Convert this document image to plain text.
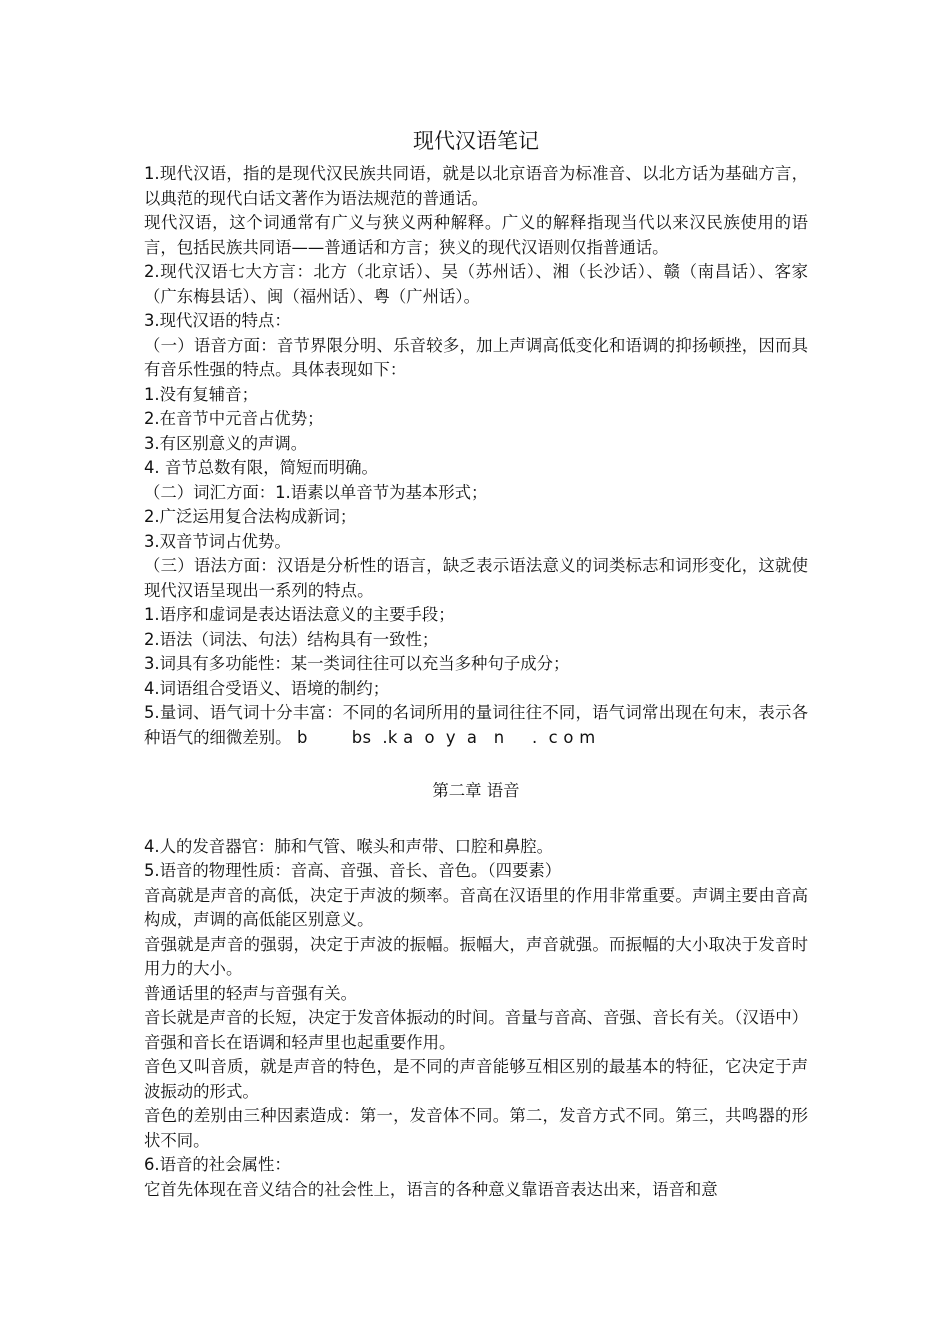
现代汉语笔记

1.现代汉语，指的是现代汉民族共同语，就是以北京语音为标准音、以北方话为基础方言，以典范的现代白话文著作为语法规范的普通话。

现代汉语，这个词通常有广义与狭义两种解释。广义的解释指现当代以来汉民族使用的语言，包括民族共同语——普通话和方言；狭义的现代汉语则仅指普通话。

2.现代汉语七大方言：北方（北京话）、吴（苏州话）、湘（长沙话）、赣（南昌话）、客家（广东梅县话）、闽（福州话）、粤（广州话）。

3.现代汉语的特点：

（一）语音方面：音节界限分明、乐音较多，加上声调高低变化和语调的抑扬顿挫，因而具有音乐性强的特点。具体表现如下：

1.没有复辅音；

2.在音节中元音占优势；

3.有区别意义的声调。

4. 音节总数有限，简短而明确。

（二）词汇方面：1.语素以单音节为基本形式；

2.广泛运用复合法构成新词；

3.双音节词占优势。

（三）语法方面：汉语是分析性的语言，缺乏表示语法意义的词类标志和词形变化，这就使现代汉语呈现出一系列的特点。

1.语序和虚词是表达语法意义的主要手段；

2.语法（词法、句法）结构具有一致性；

3.词具有多功能性：某一类词往往可以充当多种句子成分；

4.词语组合受语义、语境的制约；

5.量词、语气词十分丰富：不同的名词所用的量词往往不同，语气词常出现在句末，表示各种语气的细微差别。 b        bs  .k a  o  y  a   n     .  c o m

第二章 语音

4.人的发音器官：肺和气管、喉头和声带、口腔和鼻腔。

5.语音的物理性质：音高、音强、音长、音色。（四要素）

音高就是声音的高低，决定于声波的频率。音高在汉语里的作用非常重要。声调主要由音高构成，声调的高低能区别意义。

音强就是声音的强弱，决定于声波的振幅。振幅大，声音就强。而振幅的大小取决于发音时用力的大小。

普通话里的轻声与音强有关。

音长就是声音的长短，决定于发音体振动的时间。音量与音高、音强、音长有关。（汉语中）音强和音长在语调和轻声里也起重要作用。

音色又叫音质，就是声音的特色，是不同的声音能够互相区别的最基本的特征，它决定于声波振动的形式。

音色的差别由三种因素造成：第一，发音体不同。第二，发音方式不同。第三，共鸣器的形状不同。

6.语音的社会属性：

它首先体现在音义结合的社会性上，语言的各种意义靠语音表达出来，语音和意
